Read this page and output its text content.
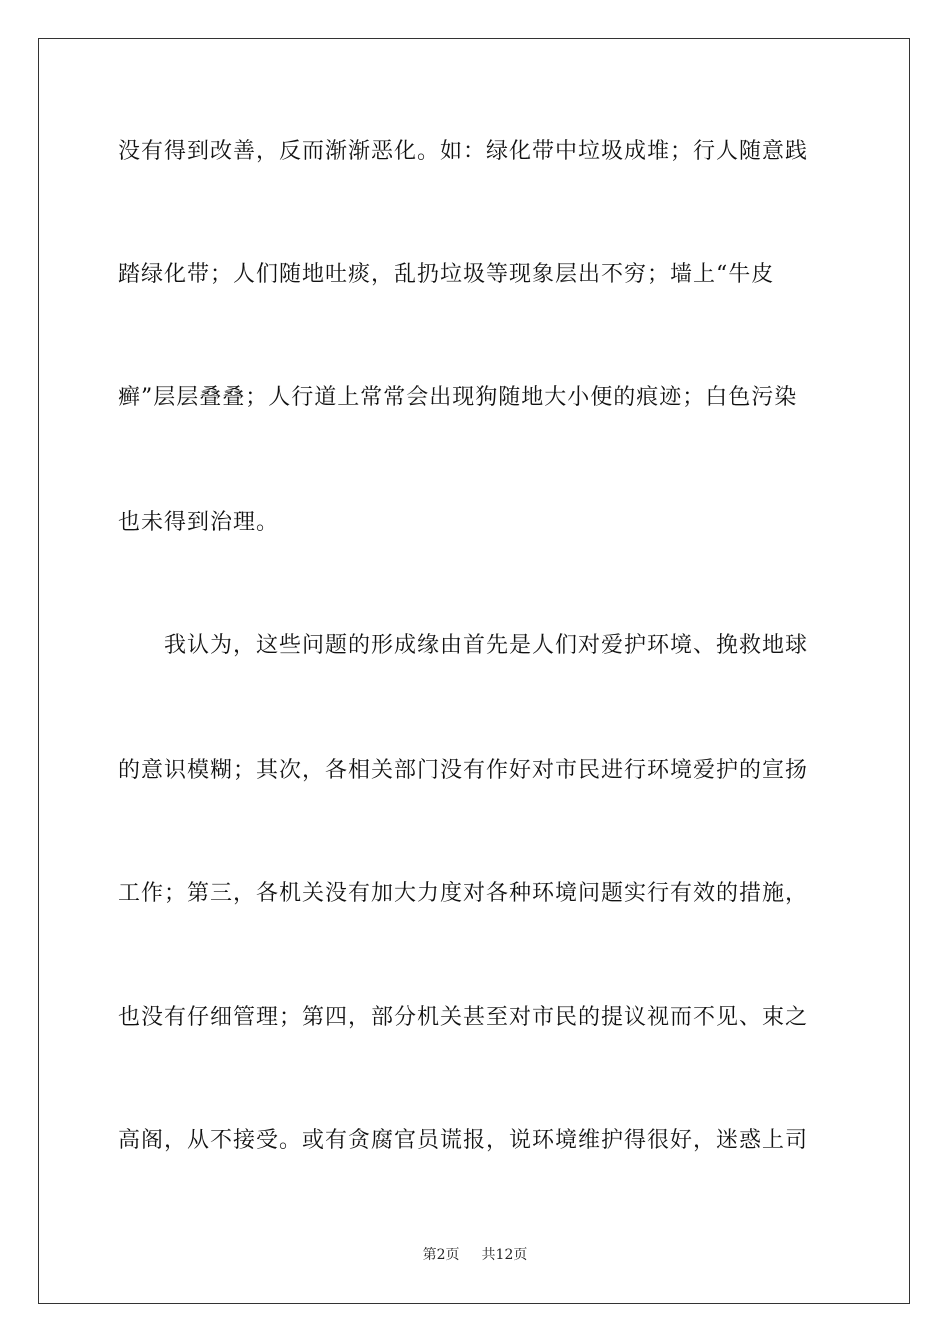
没有得到改善，反而渐渐恶化。如：绿化带中垃圾成堆；行人随意践
踏绿化带；人们随地吐痰，乱扔垃圾等现象层出不穷；墙上“牛皮
癣”层层叠叠；人行道上常常会出现狗随地大小便的痕迹；白色污染
也未得到治理。
我认为，这些问题的形成缘由首先是人们对爱护环境、挽救地球
的意识模糊；其次，各相关部门没有作好对市民进行环境爱护的宣扬
工作；第三，各机关没有加大力度对各种环境问题实行有效的措施，
也没有仔细管理；第四，部分机关甚至对市民的提议视而不见、束之
高阁，从不接受。或有贪腐官员谎报，说环境维护得很好，迷惑上司
第2页 共12页
